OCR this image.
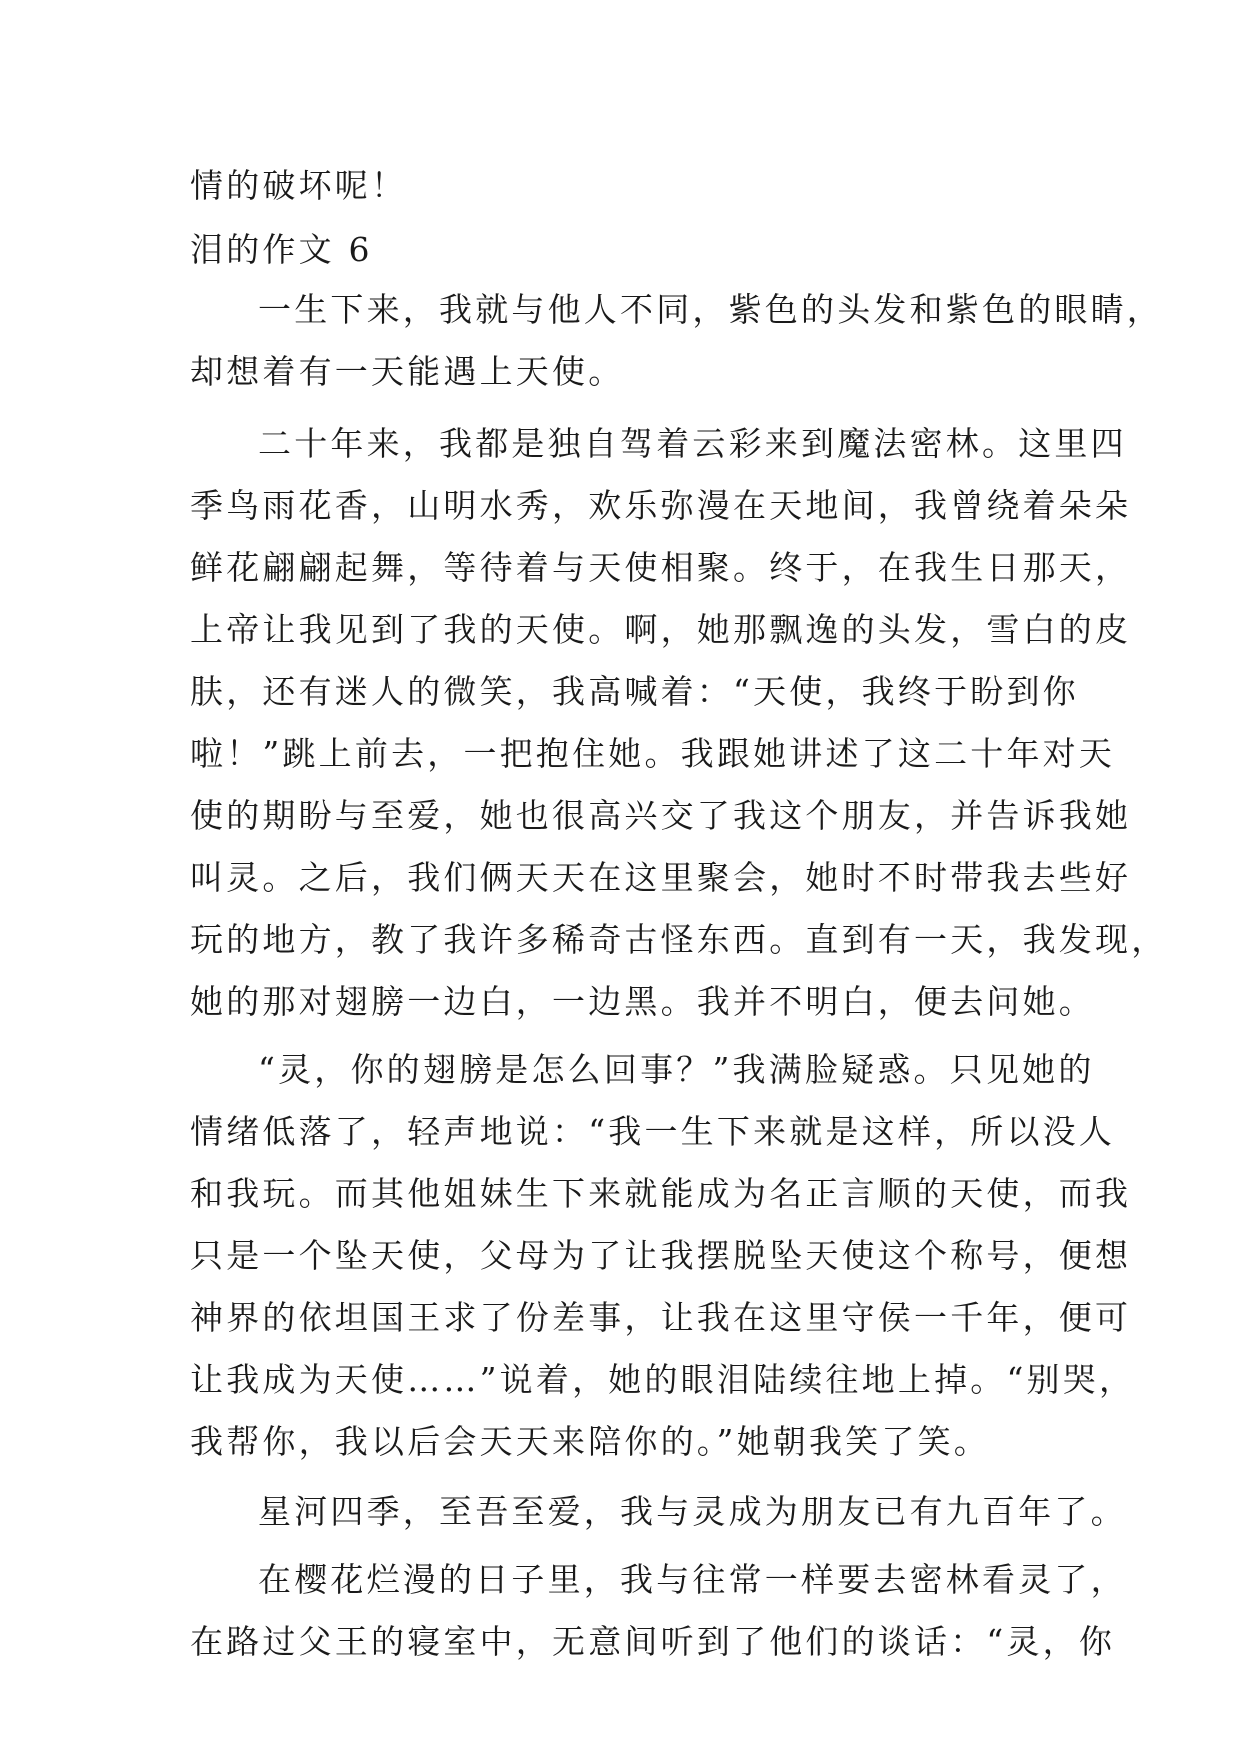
情的破坏呢！
泪的作文 6
一生下来，我就与他人不同，紫色的头发和紫色的眼睛，
却想着有一天能遇上天使。
二十年来，我都是独自驾着云彩来到魔法密林。这里四
季鸟雨花香，山明水秀，欢乐弥漫在天地间，我曾绕着朵朵
鲜花翩翩起舞，等待着与天使相聚。终于，在我生日那天，
上帝让我见到了我的天使。啊，她那飘逸的头发，雪白的皮
肤，还有迷人的微笑，我高喊着：“天使，我终于盼到你
啦！”跳上前去，一把抱住她。我跟她讲述了这二十年对天
使的期盼与至爱，她也很高兴交了我这个朋友，并告诉我她
叫灵。之后，我们俩天天在这里聚会，她时不时带我去些好
玩的地方，教了我许多稀奇古怪东西。直到有一天，我发现，
她的那对翅膀一边白，一边黑。我并不明白，便去问她。
“灵，你的翅膀是怎么回事？”我满脸疑惑。只见她的
情绪低落了，轻声地说：“我一生下来就是这样，所以没人
和我玩。而其他姐妹生下来就能成为名正言顺的天使，而我
只是一个坠天使，父母为了让我摆脱坠天使这个称号，便想
神界的依坦国王求了份差事，让我在这里守侯一千年，便可
让我成为天使……”说着，她的眼泪陆续往地上掉。“别哭，
我帮你，我以后会天天来陪你的。”她朝我笑了笑。
星河四季，至吾至爱，我与灵成为朋友已有九百年了。
在樱花烂漫的日子里，我与往常一样要去密林看灵了，
在路过父王的寝室中，无意间听到了他们的谈话：“灵，你
